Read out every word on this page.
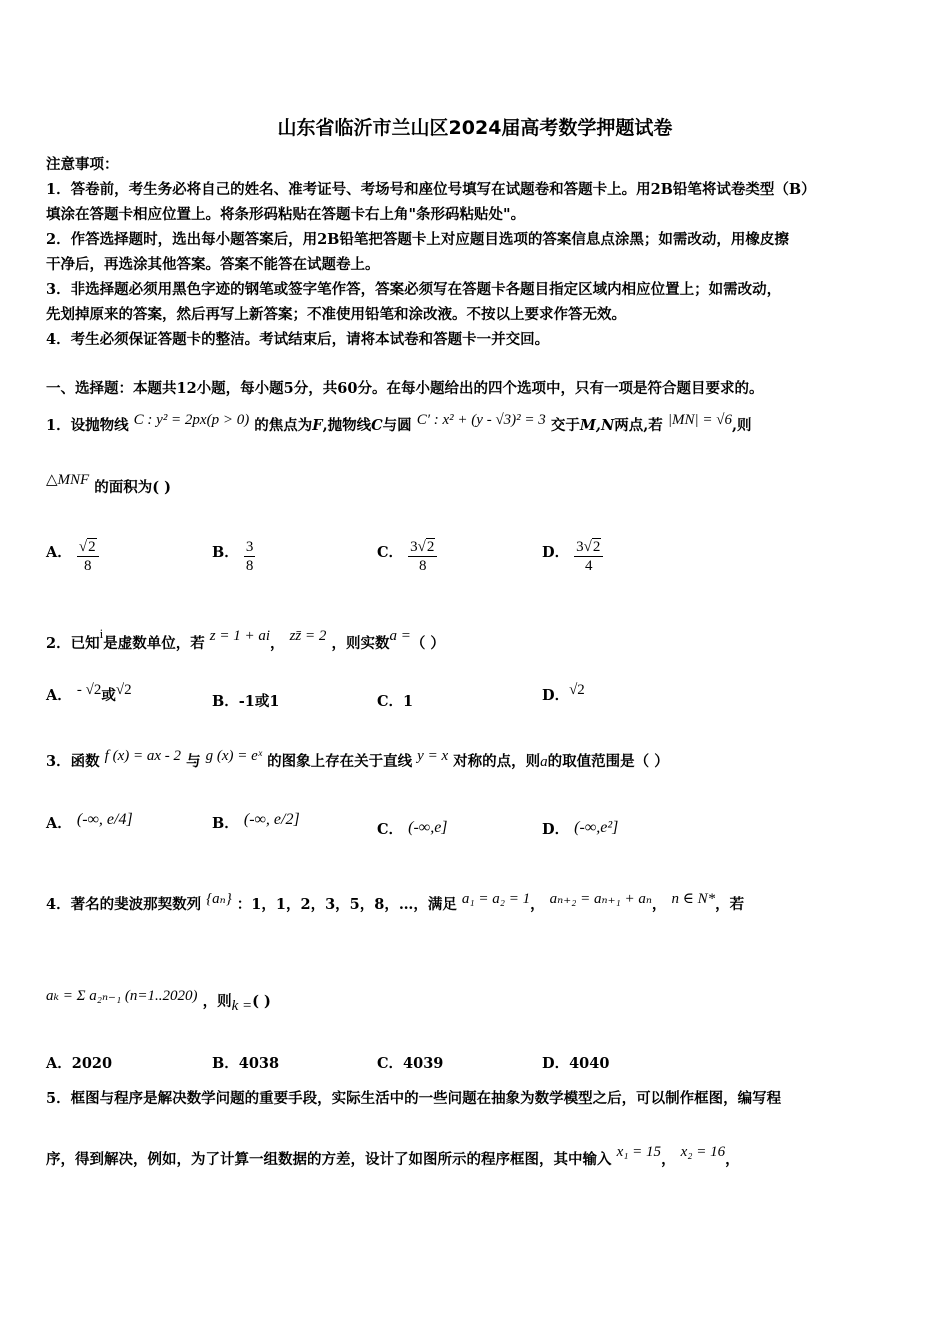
山东省临沂市兰山区2024届高考数学押题试卷
注意事项：
1．答卷前，考生务必将自己的姓名、准考证号、考场号和座位号填写在试题卷和答题卡上。用2B铅笔将试卷类型（B）
填涂在答题卡相应位置上。将条形码粘贴在答题卡右上角"条形码粘贴处"。
2．作答选择题时，选出每小题答案后，用2B铅笔把答题卡上对应题目选项的答案信息点涂黑；如需改动，用橡皮擦
干净后，再选涂其他答案。答案不能答在试题卷上。
3．非选择题必须用黑色字迹的钢笔或签字笔作答，答案必须写在答题卡各题目指定区域内相应位置上；如需改动，
先划掉原来的答案，然后再写上新答案；不准使用铅笔和涂改液。不按以上要求作答无效。
4．考生必须保证答题卡的整洁。考试结束后，请将本试卷和答题卡一并交回。
一、选择题：本题共12小题，每小题5分，共60分。在每小题给出的四个选项中，只有一项是符合题目要求的。
1．设抛物线 C : y² = 2px(p > 0) 的焦点为F,抛物线C与圆 C′ : x² + (y - √3)² = 3 交于M,N两点,若 |MN| = √6,则
△MNF 的面积为( )
A． $\frac{√2}{8}$	B． $\frac{3}{8}$	C． $\frac{3√2}{8}$	D． $\frac{3√2}{4}$
2．已知i是虚数单位，若 z = 1 + ai， zz̄ = 2 ，则实数a =（ ）
A． - √2或√2
B．-1或1	C．1	D．√2
3．函数 f (x) = ax - 2 与 g (x) = eˣ 的图象上存在关于直线 y = x 对称的点，则a的取值范围是（ ）
A． (-∞, e/4]	B． (-∞, e/2]
C． (-∞,e]	D． (-∞,e²]
4．著名的斐波那契数列 {aₙ} ：1，1，2，3，5，8，…，满足 a₁ = a₂ = 1， aₙ₊₂ = aₙ₊₁ + aₙ， n ∈ N*，若
aₖ = Σ a₂ₙ₋₁ (n=1..2020) ，则k =( )
A．2020	B．4038	C．4039	D．4040
5．框图与程序是解决数学问题的重要手段，实际生活中的一些问题在抽象为数学模型之后，可以制作框图，编写程
序，得到解决，例如，为了计算一组数据的方差，设计了如图所示的程序框图，其中输入 x₁ = 15， x₂ = 16，
